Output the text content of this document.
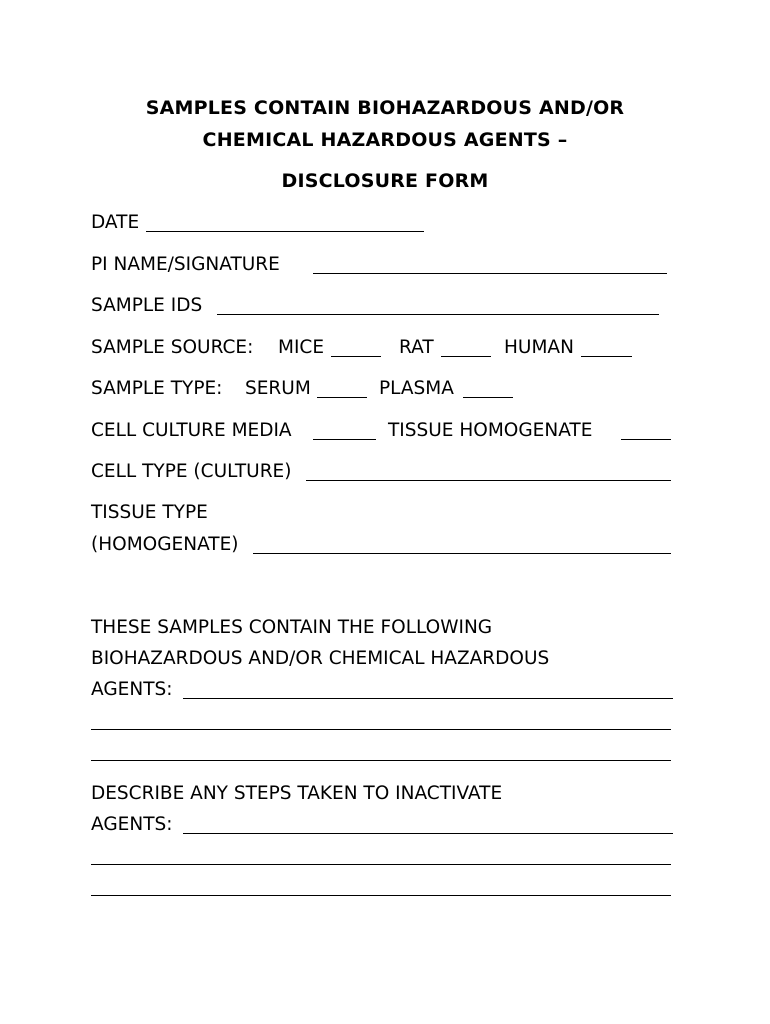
SAMPLES CONTAIN BIOHAZARDOUS AND/OR
CHEMICAL HAZARDOUS AGENTS –
DISCLOSURE FORM
DATE
PI NAME/SIGNATURE
SAMPLE IDS
SAMPLE SOURCE: MICE	RAT	HUMAN
SAMPLE TYPE: SERUM	PLASMA
CELL CULTURE MEDIA	TISSUE HOMOGENATE
CELL TYPE (CULTURE)
TISSUE TYPE
(HOMOGENATE)
THESE SAMPLES CONTAIN THE FOLLOWING
BIOHAZARDOUS AND/OR CHEMICAL HAZARDOUS
AGENTS:
DESCRIBE ANY STEPS TAKEN TO INACTIVATE
AGENTS:
